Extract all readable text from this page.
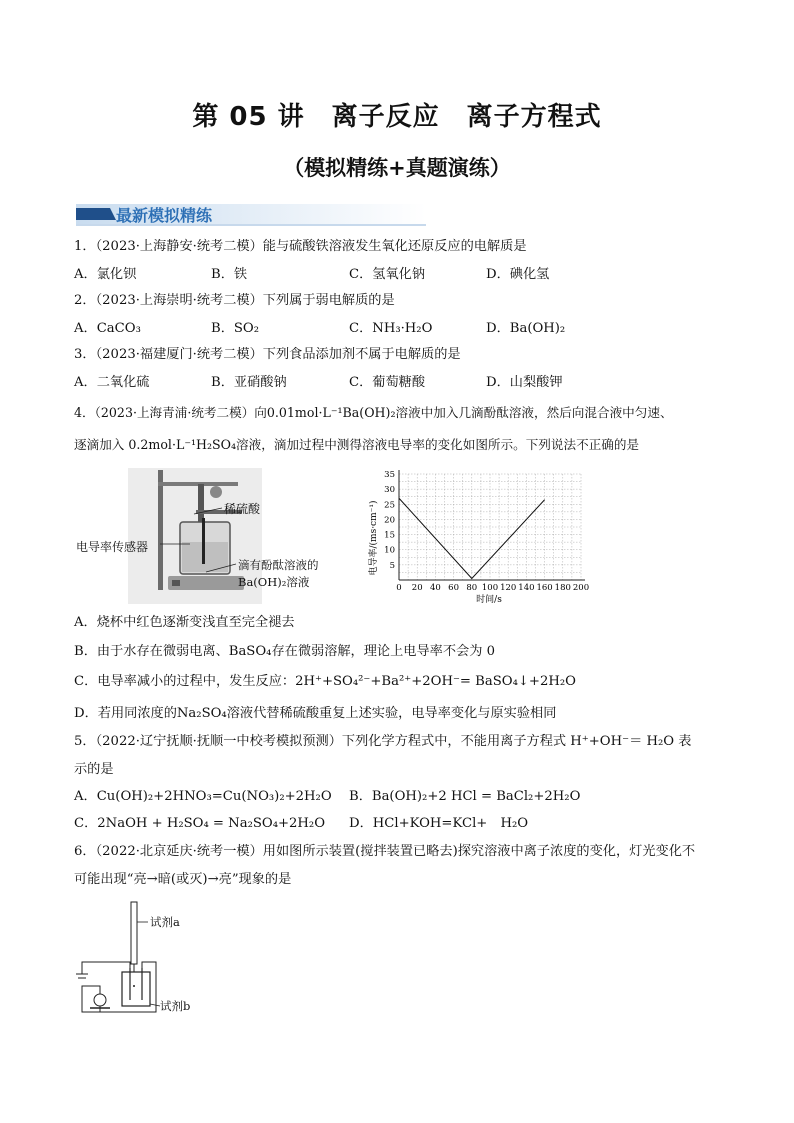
第 05 讲　离子反应　离子方程式
（模拟精练+真题演练）
最新模拟精练
1．（2023·上海静安·统考二模）能与硫酸铁溶液发生氧化还原反应的电解质是
A．氯化钡	B．铁	C．氢氧化钠	D．碘化氢
2．（2023·上海崇明·统考二模）下列属于弱电解质的是
A．CaCO₃	B．SO₂	C．NH₃·H₂O	D．Ba(OH)₂
3．（2023·福建厦门·统考二模）下列食品添加剂不属于电解质的是
A．二氧化硫	B．亚硝酸钠	C．葡萄糖酸	D．山梨酸钾
4．（2023·上海青浦·统考二模）向0.01mol·L⁻¹Ba(OH)₂溶液中加入几滴酚酞溶液，然后向混合液中匀速、
逐滴加入 0.2mol·L⁻¹H₂SO₄溶液，滴加过程中测得溶液电导率的变化如图所示。下列说法不正确的是
稀硫酸
电导率传感器
滴有酚酞溶液的
Ba(OH)₂溶液	0 20 40 60 80 100 120 140 160 180 200
5
10
15
20
25
30
35
电导率/(ms·cm⁻¹)
时间/s
A．烧杯中红色逐渐变浅直至完全褪去
B．由于水存在微弱电离、BaSO₄存在微弱溶解，理论上电导率不会为 0
C．电导率减小的过程中，发生反应：2H⁺+SO₄²⁻+Ba²⁺+2OH⁻= BaSO₄↓+2H₂O
D．若用同浓度的Na₂SO₄溶液代替稀硫酸重复上述实验，电导率变化与原实验相同
5．（2022·辽宁抚顺·抚顺一中校考模拟预测）下列化学方程式中，不能用离子方程式 H⁺+OH⁻＝ H₂O 表
示的是
A．Cu(OH)₂+2HNO₃=Cu(NO₃)₂+2H₂O B．Ba(OH)₂+2 HCl = BaCl₂+2H₂O
C．2NaOH + H₂SO₄ = Na₂SO₄+2H₂O D．HCl+KOH=KCl+　H₂O
6．（2022·北京延庆·统考一模）用如图所示装置(搅拌装置已略去)探究溶液中离子浓度的变化，灯光变化不
可能出现“亮→暗(或灭)→亮”现象的是
试剂a
试剂b
